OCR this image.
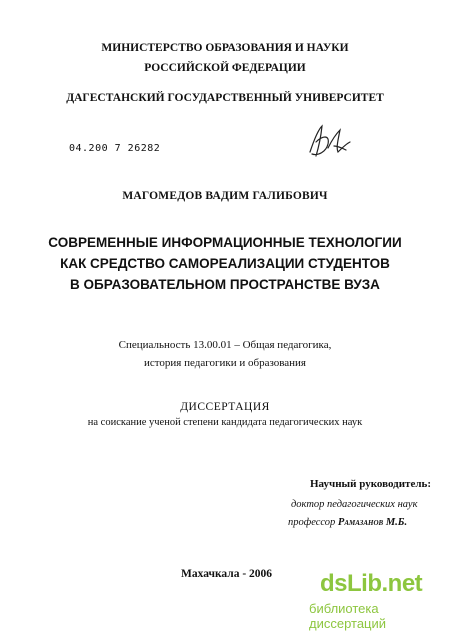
МИНИСТЕРСТВО ОБРАЗОВАНИЯ И НАУКИ
РОССИЙСКОЙ ФЕДЕРАЦИИ
ДАГЕСТАНСКИЙ ГОСУДАРСТВЕННЫЙ УНИВЕРСИТЕТ
04.200 7 26282
МАГОМЕДОВ ВАДИМ ГАЛИБОВИЧ
СОВРЕМЕННЫЕ ИНФОРМАЦИОННЫЕ ТЕХНОЛОГИИ
КАК СРЕДСТВО САМОРЕАЛИЗАЦИИ СТУДЕНТОВ
В ОБРАЗОВАТЕЛЬНОМ ПРОСТРАНСТВЕ ВУЗА
Специальность 13.00.01 – Общая педагогика,
история педагогики и образования
ДИССЕРТАЦИЯ
на соискание ученой степени кандидата педагогических наук
Научный руководитель:
доктор педагогических наук
профессор Рамазанов М.Б.
Махачкала - 2006 dsLib.net
библиотека диссертаций
